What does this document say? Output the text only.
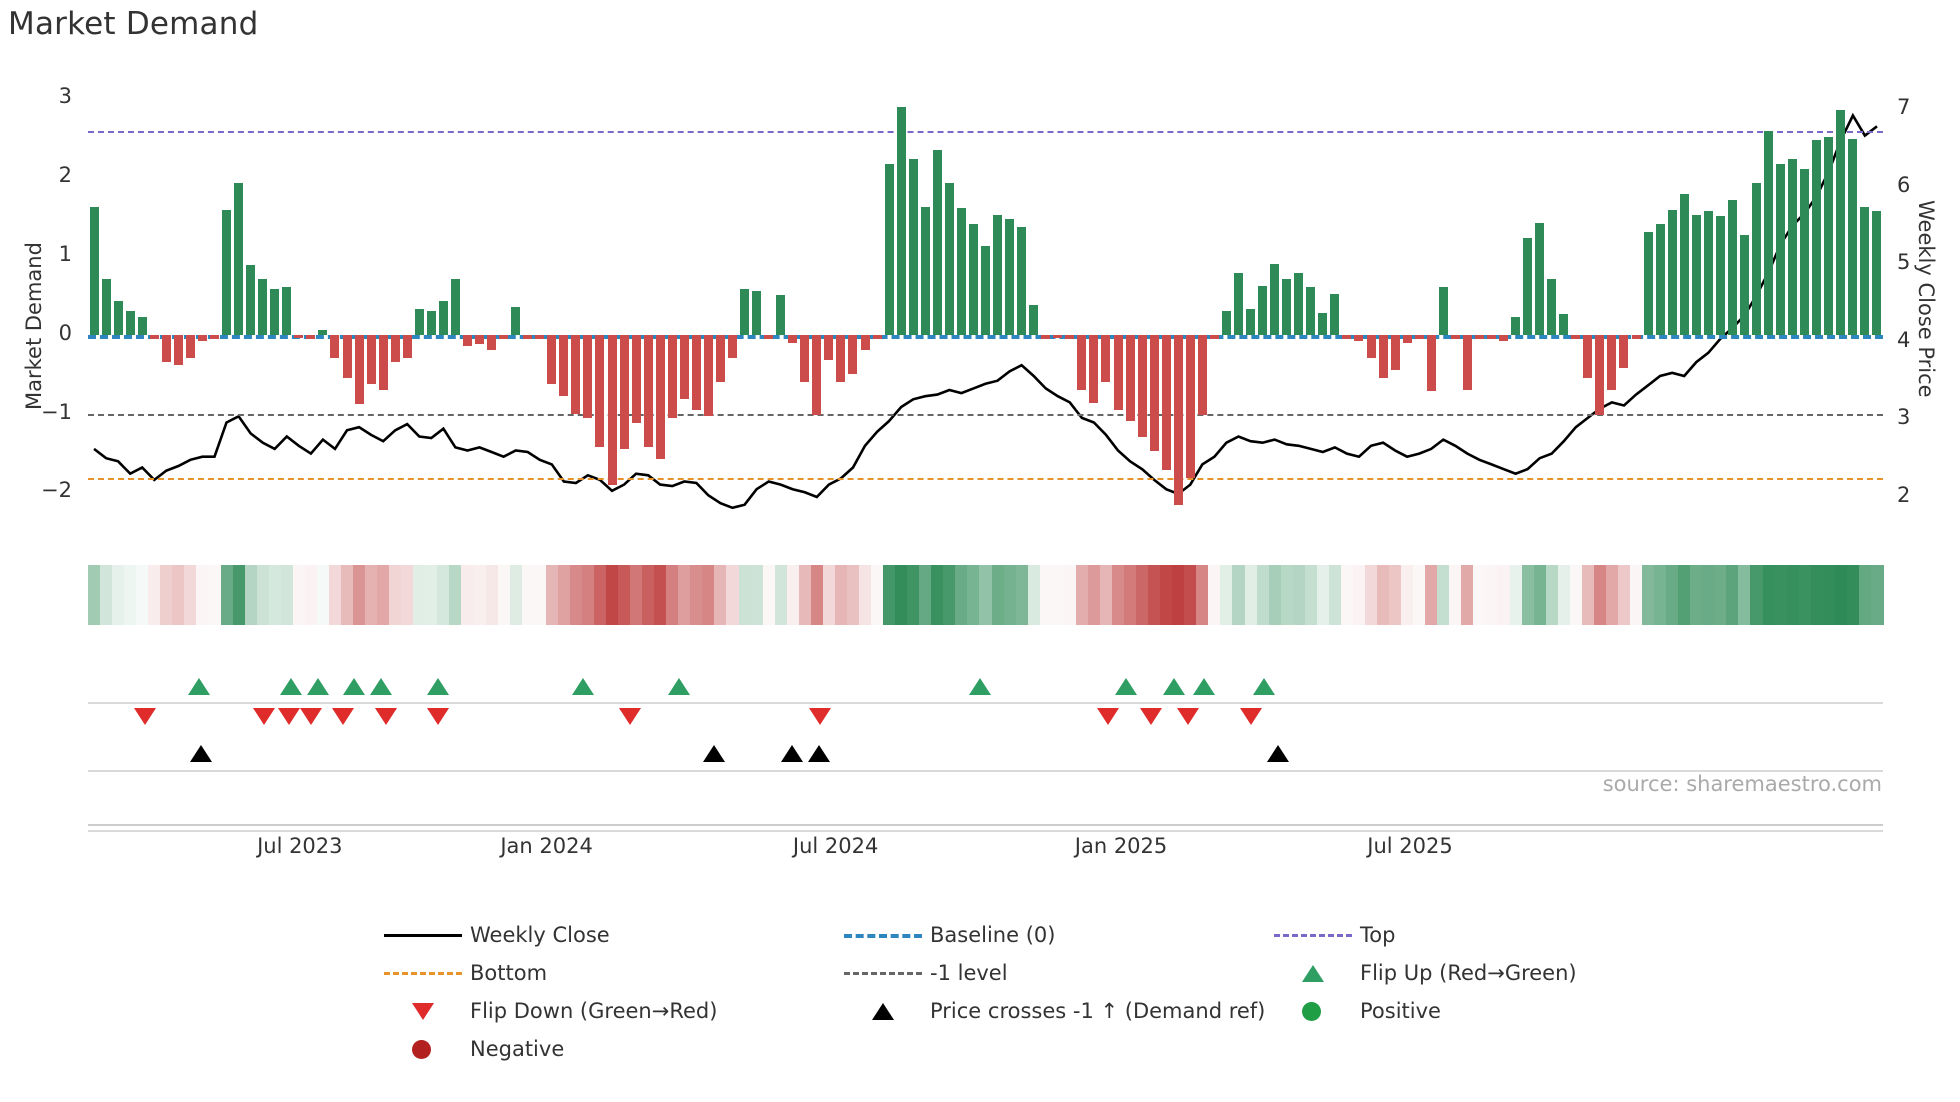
Market Demand
Market Demand	Weekly Close Price
3
2
1
0
−1
−2
7
6
5
4
3
2
source: sharemaestro.com
Jul 2023	Jan 2024	Jul 2024	Jan 2025	Jul 2025
Weekly Close	Baseline (0)	Top
Bottom	-1 level	Flip Up (Red→Green)
Flip Down (Green→Red)	Price crosses -1 ↑ (Demand ref)	Positive
Negative
